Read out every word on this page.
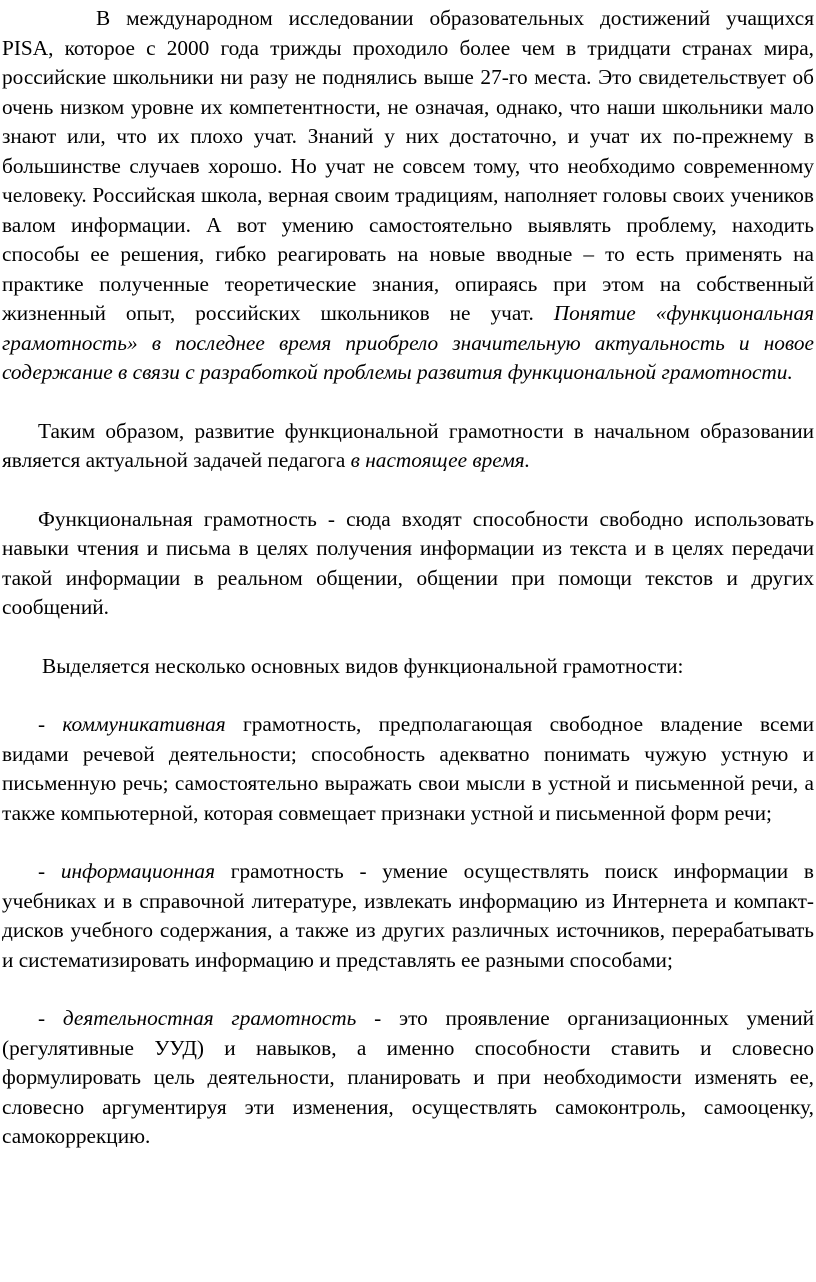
В международном исследовании образовательных достижений учащихся PISA, которое с 2000 года трижды проходило более чем в тридцати странах мира, российские школьники ни разу не поднялись выше 27-го места. Это свидетельствует об очень низком уровне их компетентности, не означая, однако, что наши школьники мало знают или, что их плохо учат. Знаний у них достаточно, и учат их по-прежнему в большинстве случаев хорошо. Но учат не совсем тому, что необходимо современному человеку. Российская школа, верная своим традициям, наполняет головы своих учеников валом информации. А вот умению самостоятельно выявлять проблему, находить способы ее решения, гибко реагировать на новые вводные – то есть применять на практике полученные теоретические знания, опираясь при этом на собственный жизненный опыт, российских школьников не учат. Понятие «функциональная грамотность» в последнее время приобрело значительную актуальность и новое содержание в связи с разработкой проблемы развития функциональной грамотности.

Таким образом, развитие функциональной грамотности в начальном образовании является актуальной задачей педагога в настоящее время.

Функциональная грамотность - сюда входят способности свободно использовать навыки чтения и письма в целях получения информации из текста и в целях передачи такой информации в реальном общении, общении при помощи текстов и других сообщений.

Выделяется несколько основных видов функциональной грамотности:

- коммуникативная грамотность, предполагающая свободное владение всеми видами речевой деятельности; способность адекватно понимать чужую устную и письменную речь; самостоятельно выражать свои мысли в устной и письменной речи, а также компьютерной, которая совмещает признаки устной и письменной форм речи;

- информационная грамотность - умение осуществлять поиск информации в учебниках и в справочной литературе, извлекать информацию из Интернета и компакт-дисков учебного содержания, а также из других различных источников, перерабатывать и систематизировать информацию и представлять ее разными способами;

- деятельностная грамотность - это проявление организационных умений (регулятивные УУД) и навыков, а именно способности ставить и словесно формулировать цель деятельности, планировать и при необходимости изменять ее, словесно аргументируя эти изменения, осуществлять самоконтроль, самооценку, самокоррекцию.
